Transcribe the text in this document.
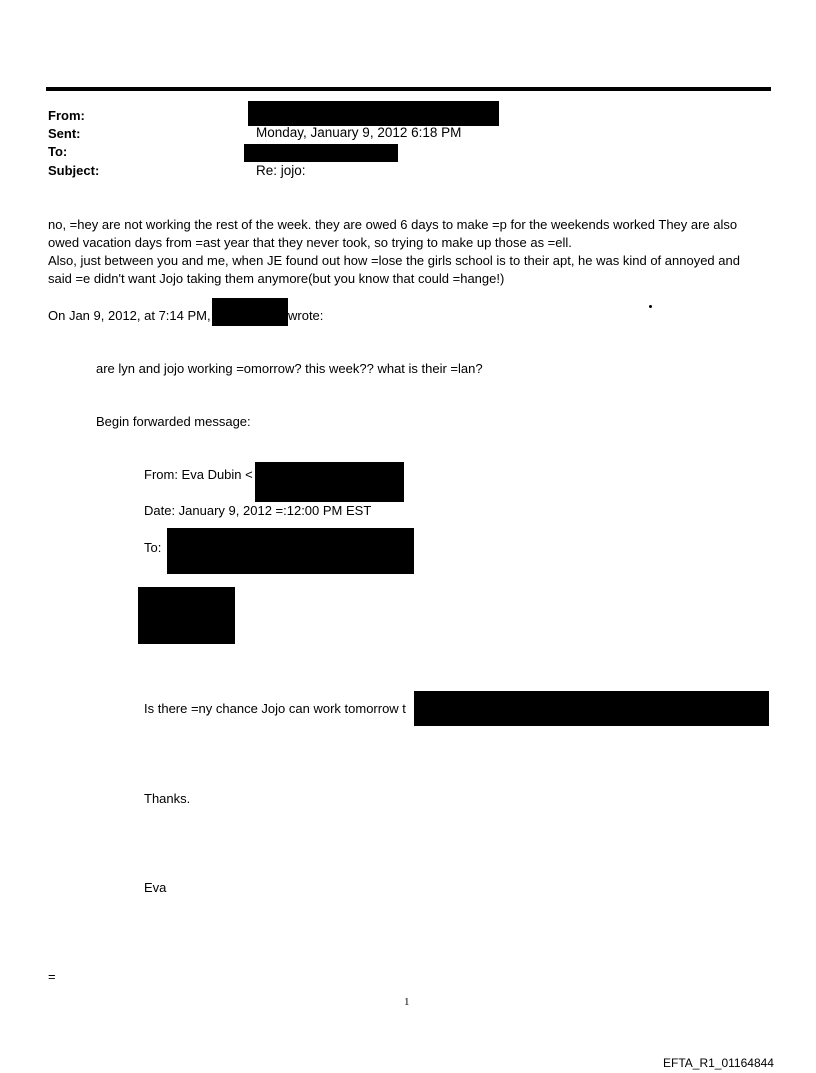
From:
Sent:	Monday, January 9, 2012 6:18 PM
To:
Subject:	Re: jojo:
no, =hey are not working the rest of the week. they are owed 6 days to make =p for the weekends worked They are also
owed vacation days from =ast year that they never took, so trying to make up those as =ell.
Also, just between you and me, when JE found out how =lose the girls school is to their apt, he was kind of annoyed and
said =e didn't want Jojo taking them anymore(but you know that could =hange!)
On Jan 9, 2012, at 7:14 PM,	wrote:
are lyn and jojo working =omorrow? this week?? what is their =lan?
Begin forwarded message:
From: Eva Dubin <
Date: January 9, 2012 =:12:00 PM EST
To:
Is there =ny chance Jojo can work tomorrow t
Thanks.
Eva
=
1
EFTA_R1_01164844
